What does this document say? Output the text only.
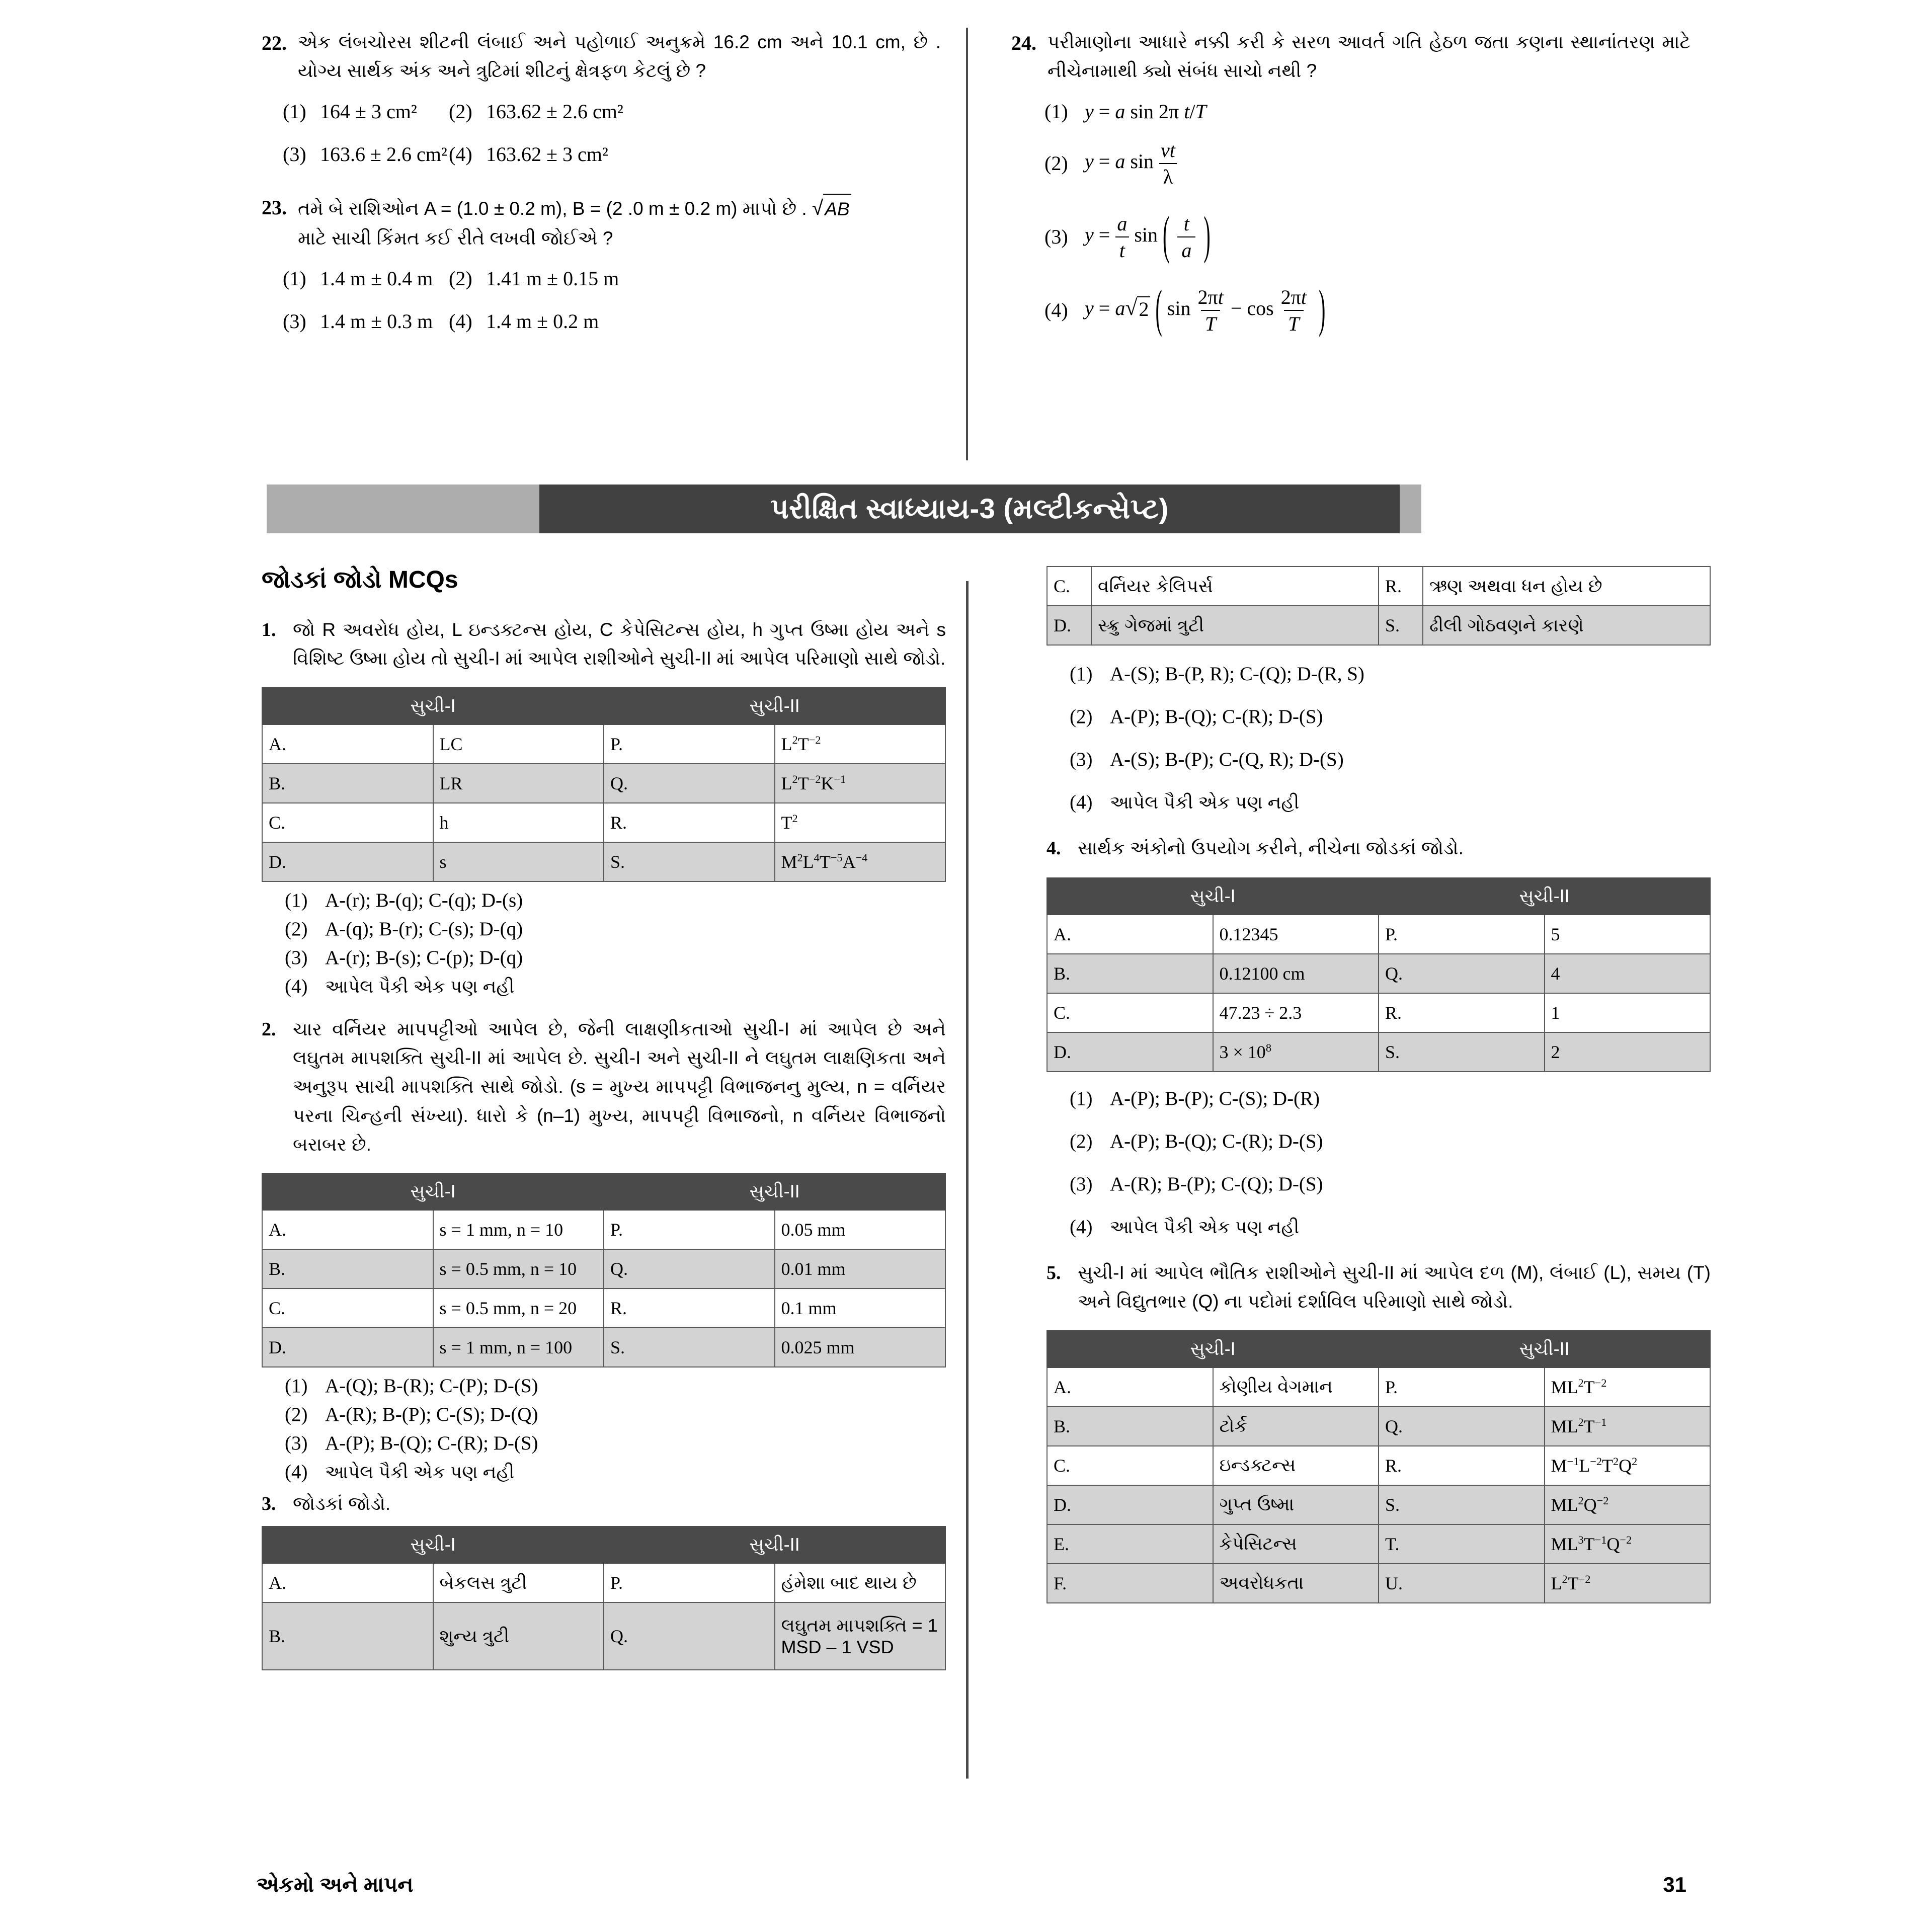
22. એક લંબચોરસ શીટની લંબાઈ અને પહોળાઈ અનુક્રમે 16.2 cm અને 10.1 cm, છે . યોગ્ય સાર્થક અંક અને ત્રુટિમાં શીટનું ક્ષેત્રફળ કેટલું છે ?
(1) 164 ± 3 cm² (2) 163.62 ± 2.6 cm²
(3) 163.6 ± 2.6 cm² (4) 163.62 ± 3 cm²
23. તમે બે રાશિઓન A = (1.0 ± 0.2 m), B = (2 .0 m ± 0.2 m) માપો છે . √ AB

માટે સાચી કિંમત કઈ રીતે લખવી જોઈએ ?
(1) 1.4 m ± 0.4 m (2) 1.41 m ± 0.15 m
(3) 1.4 m ± 0.3 m (4) 1.4 m ± 0.2 m
24. પરીમાણોના આધારે નક્કી કરી કે સરળ આવર્ત ગતિ હેઠળ જતા કણના સ્થાનાંતરણ માટે નીચેનામાથી ક્યો સંબંધ સાચો નથી ?
(1) y = a sin 2π t/T
(2) y = a $\sin \frac{vt}{\lambda}$
(3) $y = \frac{a}{t}$ sin ( $\frac{t}{a}$ )
(4) y = a √ 2 ( $\sin \frac{2\pi t}{T} - \cos \frac{2\pi t}{T}$ )
પરીક્ષિત સ્વાધ્યાય-3 (મલ્ટીકન્સેપ્ટ)
જોડકાં જોડો MCQs
1. જો R અવરોધ હોય, L ઇન્ડક્ટન્સ હોય, C કેપેસિટન્સ હોય, h ગુપ્ત ઉષ્મા હોય અને s વિશિષ્ટ ઉષ્મા હોય તો સુચી-I માં આપેલ રાશીઓને સુચી-II માં આપેલ પરિમાણો સાથે જોડો.
સુચી-I		સુચી-II	
A.	LC	P.	$L^2T^{-2}$
B.	LR	Q.	$L^2T^{-2}K^{-1}$
C.	h	R.	$T^2$
D.	s	S.	$M^2L^4T^{-5}A^{-4}$
(1) A-(r); B-(q); C-(q); D-(s)
(2) A-(q); B-(r); C-(s); D-(q)
(3) A-(r); B-(s); C-(p); D-(q)
(4) આપેલ પૈકી એક પણ નહી
2. ચાર વર્નિયર માપપટ્ટીઓ આપેલ છે, જેની લાક્ષણીકતાઓ સુચી-I માં આપેલ છે અને લઘુતમ માપશક્તિ સુચી-II માં આપેલ છે. સુચી-I અને સુચી-II ને લઘુતમ લાક્ષણિકતા અને અનુરૂપ સાચી માપશક્તિ સાથે જોડો. (s = મુખ્ય માપપટ્ટી વિભાજનનુ મુલ્ય, n = વર્નિયર પરના ચિન્હની સંખ્યા). ધારો કે (n–1) મુખ્ય, માપપટ્ટી વિભાજનો, n વર્નિયર વિભાજનો બરાબર છે.
સુચી-I		સુચી-II	
A.	s = 1 mm, n = 10	P.	0.05 mm
B.	s = 0.5 mm, n = 10	Q.	0.01 mm
C.	s = 0.5 mm, n = 20	R.	0.1 mm
D.	s = 1 mm, n = 100	S.	0.025 mm
(1) A-(Q); B-(R); C-(P); D-(S)
(2) A-(R); B-(P); C-(S); D-(Q)
(3) A-(P); B-(Q); C-(R); D-(S)
(4) આપેલ પૈકી એક પણ નહી
3. જોડકાં જોડો.
સુચી-I		સુચી-II	
A.	બેકલસ ત્રુટી	P.	હંમેશા બાદ થાય છે
B.	શુન્ય ત્રુટી	Q.	લઘુતમ માપશક્તિ = 1 MSD – 1 VSD
C.	વર્નિયર કેલિપર્સ	R.	ઋણ અથવા ધન હોય છે
D.	સ્ક્રુ ગેજમાં ત્રુટી	S.	ઢીલી ગોઠવણને કારણે
(1) A-(S); B-(P, R); C-(Q); D-(R, S)
(2) A-(P); B-(Q); C-(R); D-(S)
(3) A-(S); B-(P); C-(Q, R); D-(S)
(4) આપેલ પૈકી એક પણ નહી
4. સાર્થક અંકોનો ઉપયોગ કરીને, નીચેના જોડકાં જોડો.
સુચી-I		સુચી-II	
A.	0.12345	P.	5
B.	0.12100 cm	Q.	4
C.	47.23 ÷ 2.3	R.	1
D.	$3 \times 10^8$	S.	2
(1) A-(P); B-(P); C-(S); D-(R)
(2) A-(P); B-(Q); C-(R); D-(S)
(3) A-(R); B-(P); C-(Q); D-(S)
(4) આપેલ પૈકી એક પણ નહી
5. સુચી-I માં આપેલ ભૌતિક રાશીઓને સુચી-II માં આપેલ દળ (M), લંબાઈ (L), સમય (T) અને વિદ્યુતભાર (Q) ના પદોમાં દર્શાવિલ પરિમાણો સાથે જોડો.
સુચી-I		સુચી-II	
A.	કોણીય વેગમાન	P.	$ML^2T^{-2}$
B.	ટોર્ક	Q.	$ML^2T^{-1}$
C.	ઇન્ડક્ટન્સ	R.	$M^{-1}L^{-2}T^2Q^2$
D.	ગુપ્ત ઉષ્મા	S.	$ML^2Q^{-2}$
E.	કેપેસિટન્સ	T.	$ML^3T^{-1}Q^{-2}$
F.	અવરોધકતા	U.	$L^2T^{-2}$
એકમો અને માપન	31
